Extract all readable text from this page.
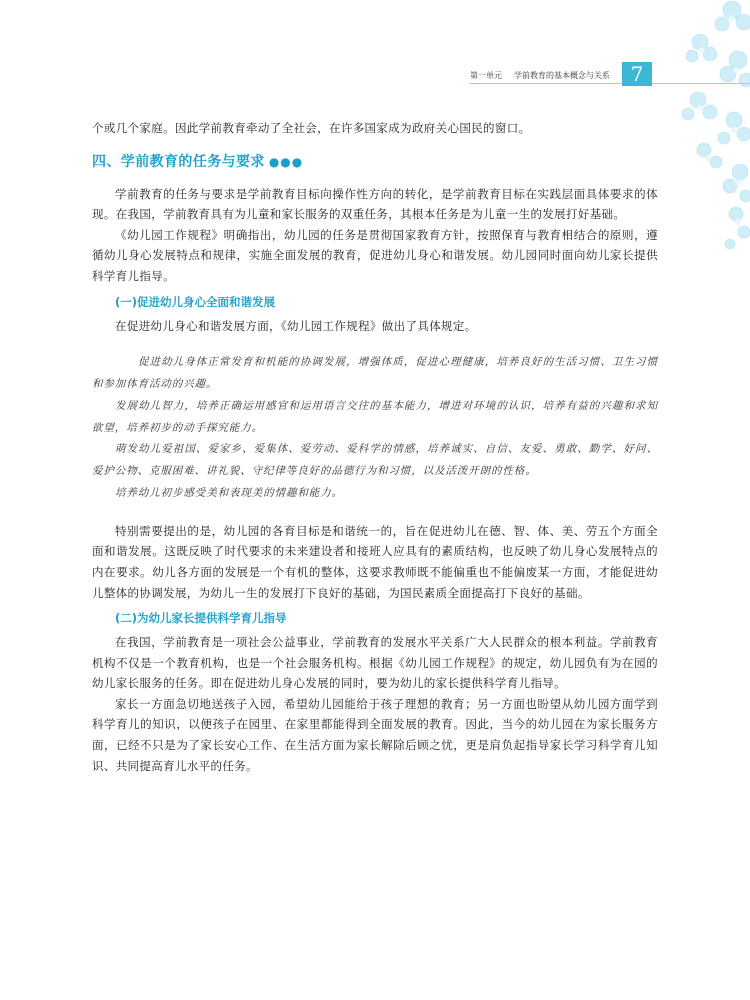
第一单元 学前教育的基本概念与关系	7

个或几个家庭。因此学前教育牵动了全社会，在许多国家成为政府关心国民的窗口。

四、学前教育的任务与要求 ●●●

学前教育的任务与要求是学前教育目标向操作性方向的转化，是学前教育目标在实践层面具体要求的体现。在我国，学前教育具有为儿童和家长服务的双重任务，其根本任务是为儿童一生的发展打好基础。

《幼儿园工作规程》明确指出，幼儿园的任务是贯彻国家教育方针，按照保育与教育相结合的原则，遵循幼儿身心发展特点和规律，实施全面发展的教育，促进幼儿身心和谐发展。幼儿园同时面向幼儿家长提供科学育儿指导。

(一)促进幼儿身心全面和谐发展

在促进幼儿身心和谐发展方面，《幼儿园工作规程》做出了具体规定。

促进幼儿身体正常发育和机能的协调发展，增强体质，促进心理健康，培养良好的生活习惯、卫生习惯和参加体育活动的兴趣。

发展幼儿智力，培养正确运用感官和运用语言交往的基本能力，增进对环境的认识，培养有益的兴趣和求知欲望，培养初步的动手探究能力。

萌发幼儿爱祖国、爱家乡、爱集体、爱劳动、爱科学的情感，培养诚实、自信、友爱、勇敢、勤学、好问、爱护公物、克服困难、讲礼貌、守纪律等良好的品德行为和习惯，以及活泼开朗的性格。

培养幼儿初步感受美和表现美的情趣和能力。

特别需要提出的是，幼儿园的各育目标是和谐统一的，旨在促进幼儿在德、智、体、美、劳五个方面全面和谐发展。这既反映了时代要求的未来建设者和接班人应具有的素质结构，也反映了幼儿身心发展特点的内在要求。幼儿各方面的发展是一个有机的整体，这要求教师既不能偏重也不能偏废某一方面，才能促进幼儿整体的协调发展，为幼儿一生的发展打下良好的基础，为国民素质全面提高打下良好的基础。

(二)为幼儿家长提供科学育儿指导

在我国，学前教育是一项社会公益事业，学前教育的发展水平关系广大人民群众的根本利益。学前教育机构不仅是一个教育机构，也是一个社会服务机构。根据《幼儿园工作规程》的规定，幼儿园负有为在园的幼儿家长服务的任务。即在促进幼儿身心发展的同时，要为幼儿的家长提供科学育儿指导。

家长一方面急切地送孩子入园，希望幼儿园能给于孩子理想的教育；另一方面也盼望从幼儿园方面学到科学育儿的知识，以便孩子在园里、在家里都能得到全面发展的教育。因此，当今的幼儿园在为家长服务方面，已经不只是为了家长安心工作、在生活方面为家长解除后顾之忧，更是肩负起指导家长学习科学育儿知识、共同提高育儿水平的任务。
